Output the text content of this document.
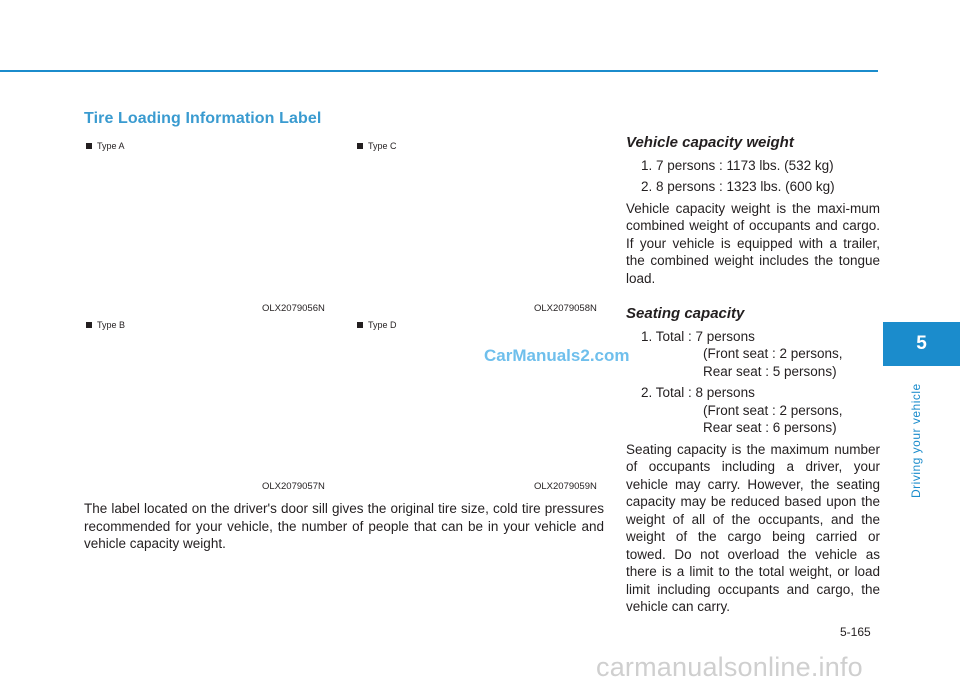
Tire Loading Information Label
Type A	Type C
OLX2079056N	OLX2079058N
Type B	Type D
OLX2079057N	OLX2079059N
CarManuals2.com
The label located on the driver's door sill gives the original tire size, cold tire pressures recommended for your vehicle, the number of people that can be in your vehicle and vehicle capacity weight.
Vehicle capacity weight
1. 7 persons : 1173 lbs. (532 kg)
2. 8 persons : 1323 lbs. (600 kg)
Vehicle capacity weight is the maxi-mum combined weight of occupants and cargo. If your vehicle is equipped with a trailer, the combined weight includes the tongue load.
Seating capacity
1. Total : 7 persons
(Front seat : 2 persons,
Rear seat : 5 persons)
2. Total : 8 persons
(Front seat : 2 persons,
Rear seat : 6 persons)
Seating capacity is the maximum number of occupants including a driver, your vehicle may carry. However, the seating capacity may be reduced based upon the weight of all of the occupants, and the weight of the cargo being carried or towed. Do not overload the vehicle as there is a limit to the total weight, or load limit including occupants and cargo, the vehicle can carry.
5
Driving your vehicle
5-165
carmanualsonline.info
